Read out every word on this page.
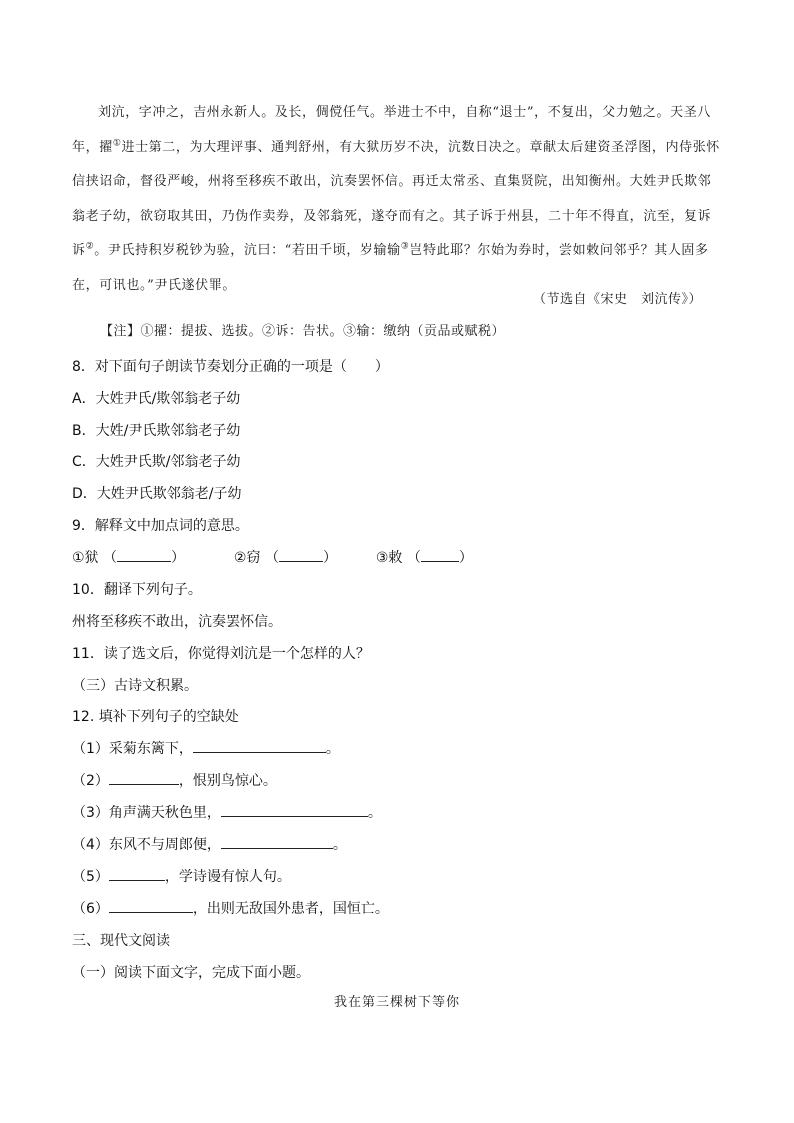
刘沆，字冲之，吉州永新人。及长，倜傥任气。举进士不中，自称“退士”，不复出，父力勉之。天圣八年，擢①进士第二，为大理评事、通判舒州，有大狱历岁不决，沆数日决之。章献太后建资圣浮图，内侍张怀信挟诏命，督役严峻，州将至移疾不敢出，沆奏罢怀信。再迁太常丞、直集贤院，出知衡州。大姓尹氏欺邻翁老子幼，欲窃取其田，乃伪作卖券，及邻翁死，遂夺而有之。其子诉于州县，二十年不得直，沆至，复诉诉②。尹氏持积岁税钞为验，沆曰：“若田千顷，岁输输③岂特此耶？尔始为券时，尝如敕问邻乎？其人固多在，可讯也。”尹氏遂伏罪。

（节选自《宋史　刘沆传》）
【注】①擢：提拔、选拔。②诉：告状。③输：缴纳（贡品或赋税）
8．对下面句子朗读节奏划分正确的一项是（　　）
A．大姓尹氏/欺邻翁老子幼
B．大姓/尹氏欺邻翁老子幼
C．大姓尹氏欺/邻翁老子幼
D．大姓尹氏欺邻翁老/子幼
9．解释文中加点词的意思。
①狱 （	）	②窃 （	）	③敕 （	）
10．翻译下列句子。
州将至移疾不敢出，沆奏罢怀信。
11．读了选文后，你觉得刘沆是一个怎样的人？
（三）古诗文积累。
12. 填补下列句子的空缺处
（1）采菊东篱下，	。
（2）	，恨别鸟惊心。
（3）角声满天秋色里，	。
（4）东风不与周郎便，	。
（5）	，学诗谩有惊人句。
（6）	，出则无敌国外患者，国恒亡。
三、现代文阅读
（一）阅读下面文字，完成下面小题。
我在第三棵树下等你
